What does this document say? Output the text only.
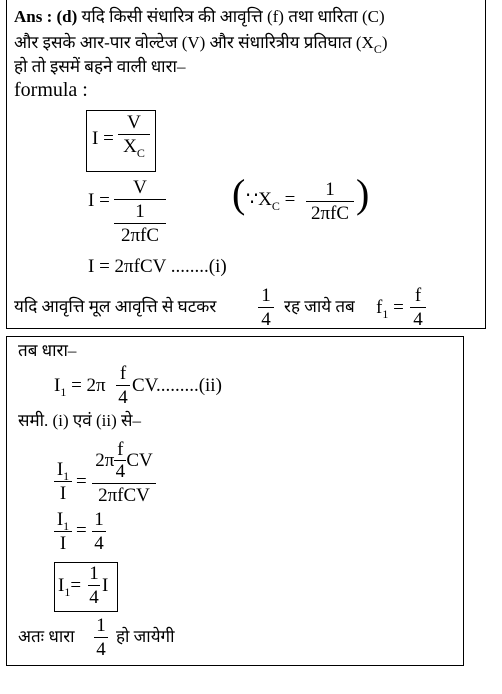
Ans : (d) यदि किसी संधारित्र की आवृत्ति (f) तथा धारिता (C)
और इसके आर-पार वोल्टेज (V) और संधारित्रीय प्रतिघात $(X_C)$
हो तो इसमें बहने वाली धारा–
formula :
I =
V
$X_C$
I =
V
1
2πfC
( $\because X_C = 1$
2πfC )
I = 2πfCV ........(i)
यदि आवृत्ति मूल आवृत्ति से घटकर
1
4
रह जाये तब $f_1$ =
f
4
तब धारा–
$I_1 = 2\pi$
f
4
CV.........(ii)
समी. (i) एवं (ii) से–
$I_1$
I
=
2π
f
4
CV
2πfCV
$I_1$
I
=
1
4
$I_1=$
1
4
I
अतः धारा
1
4
हो जायेगी
